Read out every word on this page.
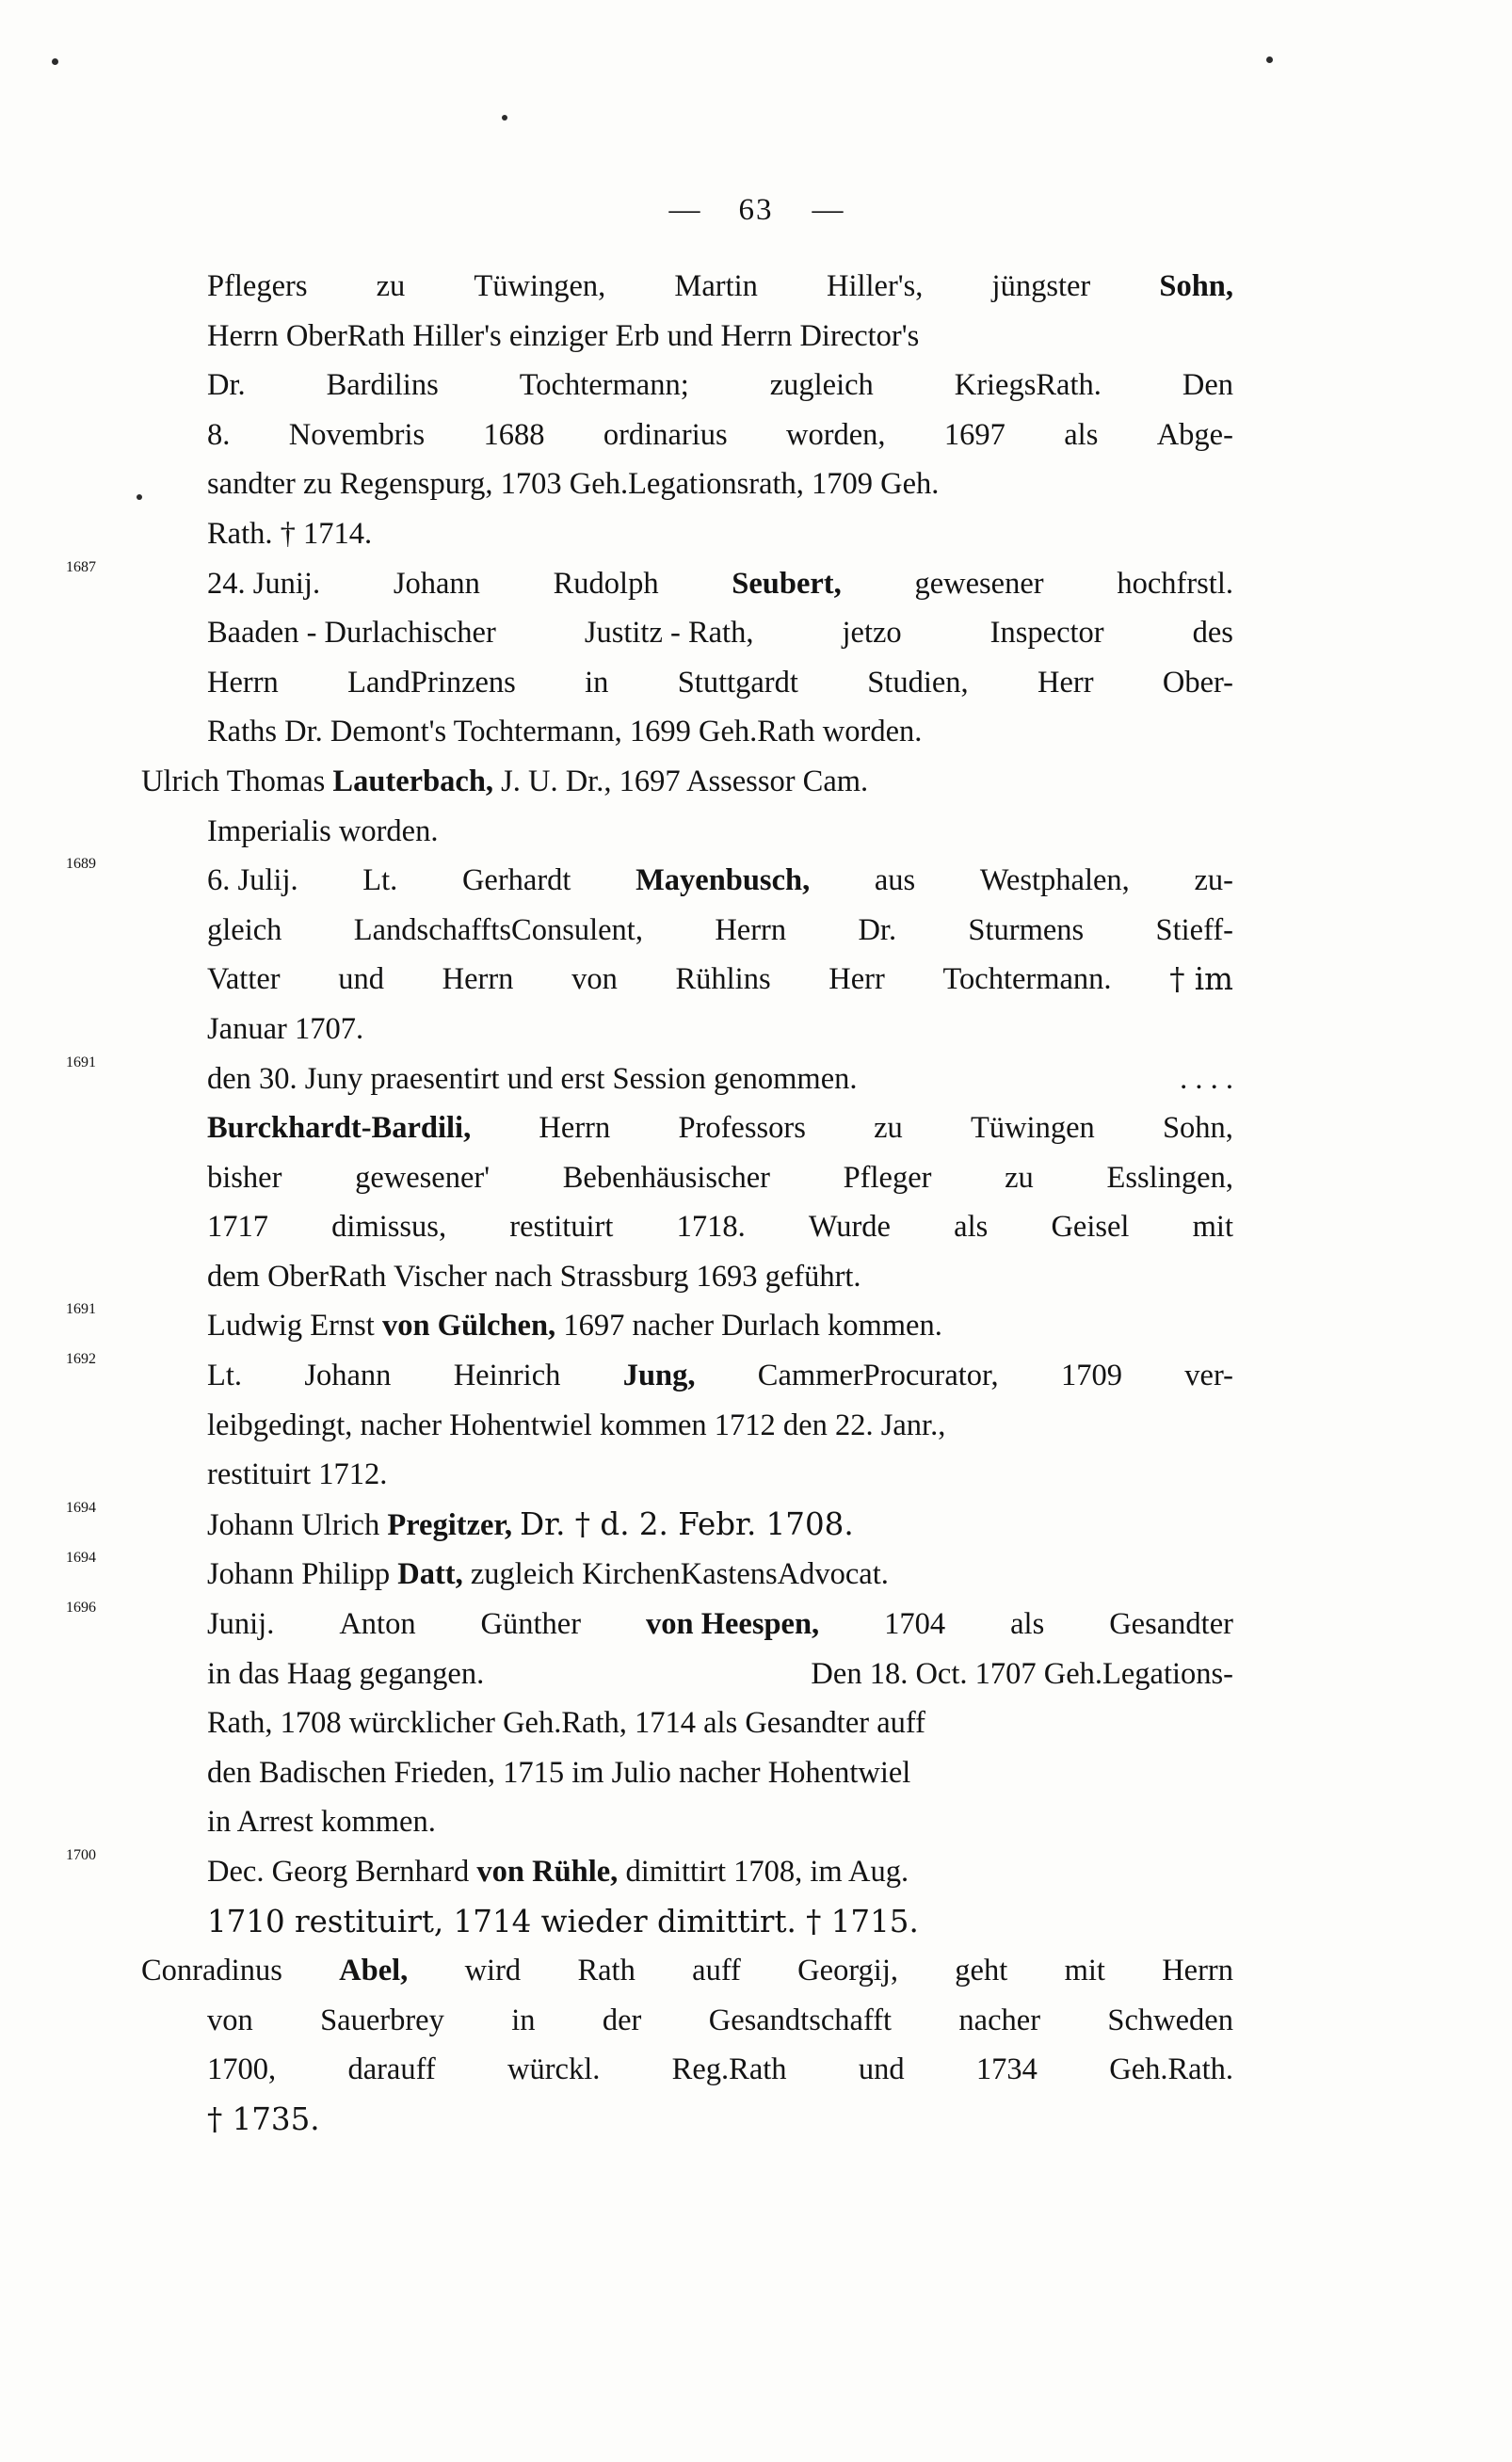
— 63 —
Pflegers zu Tüwingen, Martin Hiller's, jüngster Sohn,
Herrn OberRath Hiller's einziger Erb und Herrn Director's
Dr.	Bardilins	Tochtermann;	zugleich	KriegsRath.	Den
8. Novembris 1688 ordinarius worden, 1697 als Abge-
sandter zu Regenspurg, 1703 Geh.Legationsrath, 1709 Geh.
Rath. † 1714.
1687	24. Junij. Johann Rudolph Seubert, gewesener hochfrstl.
Baaden - Durlachischer	Justitz - Rath,	jetzo	Inspector	des
Herrn LandPrinzens in Stuttgardt Studien, Herr Ober-
Raths Dr. Demont's Tochtermann, 1699 Geh.Rath worden.
Ulrich Thomas Lauterbach, J. U. Dr., 1697 Assessor Cam.
Imperialis worden.
1689	6. Julij. Lt. Gerhardt Mayenbusch, aus Westphalen, zu-
gleich LandschafftsConsulent, Herrn Dr. Sturmens Stieff-
Vatter und Herrn von Rühlins Herr Tochtermann. † im
Januar 1707.
1691	den 30. Juny praesentirt und erst Session genommen.	. . . .
Burckhardt-Bardili, Herrn Professors zu Tüwingen Sohn,
bisher gewesener' Bebenhäusischer Pfleger zu Esslingen,
1717 dimissus, restituirt 1718. Wurde als Geisel mit
dem OberRath Vischer nach Strassburg 1693 geführt.
1691	Ludwig Ernst von Gülchen, 1697 nacher Durlach kommen.
1692	Lt. Johann Heinrich Jung, CammerProcurator, 1709 ver-
leibgedingt, nacher Hohentwiel kommen 1712 den 22. Janr.,
restituirt 1712.
1694
Johann Ulrich Pregitzer, Dr. † d. 2. Febr. 1708.
1694	Johann Philipp Datt, zugleich KirchenKastensAdvocat.
1696	Junij. Anton Günther von Heespen, 1704 als Gesandter
in das Haag gegangen.	Den 18. Oct. 1707 Geh.Legations-
Rath, 1708 würcklicher Geh.Rath, 1714 als Gesandter auff
den Badischen Frieden, 1715 im Julio nacher Hohentwiel
in Arrest kommen.
1700	Dec. Georg Bernhard von Rühle, dimittirt 1708, im Aug.
1710 restituirt, 1714 wieder dimittirt. † 1715.
Conradinus Abel, wird Rath auff Georgij, geht mit Herrn
von Sauerbrey in der Gesandtschafft nacher Schweden
1700, darauff würckl. Reg.Rath und 1734 Geh.Rath.
† 1735.
